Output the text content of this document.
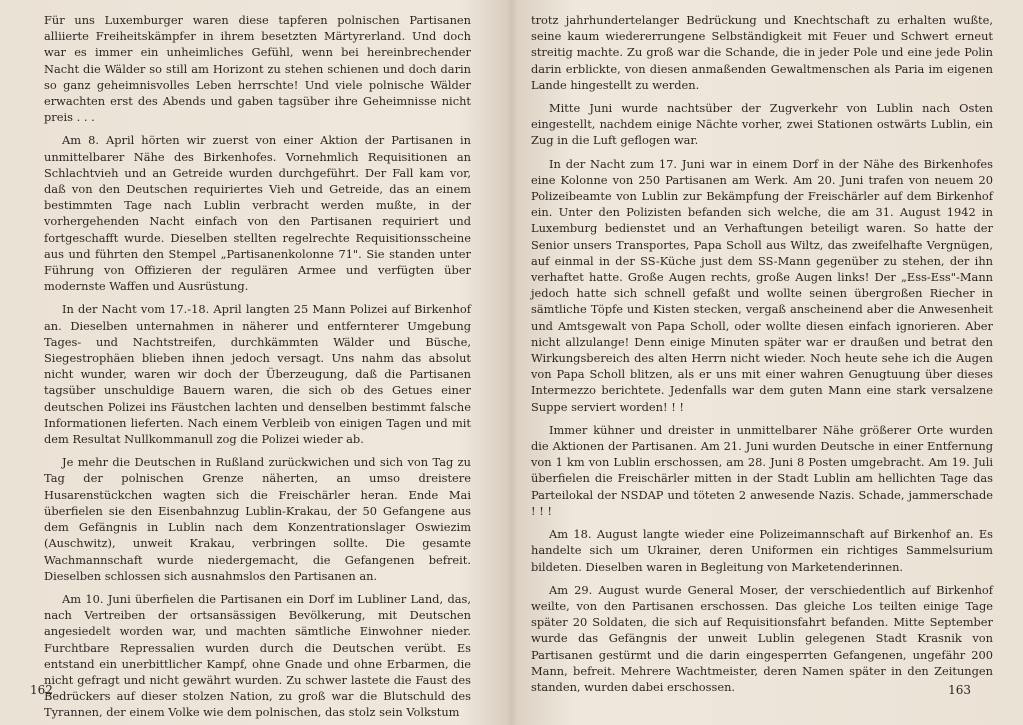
Für uns Luxemburger waren diese tapferen polnischen Partisanen alliierte Freiheitskämpfer in ihrem besetzten Märtyrerland. Und doch war es immer ein unheimliches Gefühl, wenn bei hereinbrechender Nacht die Wälder so still am Horizont zu stehen schienen und doch darin so ganz geheimnisvolles Leben herrschte! Und viele polnische Wälder erwachten erst des Abends und gaben tagsüber ihre Geheimnisse nicht preis . . .

Am 8. April hörten wir zuerst von einer Aktion der Partisanen in unmittelbarer Nähe des Birkenhofes. Vornehmlich Requisitionen an Schlachtvieh und an Getreide wurden durchgeführt. Der Fall kam vor, daß von den Deutschen requiriertes Vieh und Getreide, das an einem bestimmten Tage nach Lublin verbracht werden mußte, in der vorhergehenden Nacht einfach von den Partisanen requiriert und fortgeschafft wurde. Dieselben stellten regelrechte Requisitionsscheine aus und führten den Stempel „Partisanenkolonne 71". Sie standen unter Führung von Offizieren der regulären Armee und verfügten über modernste Waffen und Ausrüstung.

In der Nacht vom 17.-18. April langten 25 Mann Polizei auf Birkenhof an. Dieselben unternahmen in näherer und entfernterer Umgebung Tages- und Nachtstreifen, durchkämmten Wälder und Büsche, Siegestrophäen blieben ihnen jedoch versagt. Uns nahm das absolut nicht wunder, waren wir doch der Überzeugung, daß die Partisanen tagsüber unschuldige Bauern waren, die sich ob des Getues einer deutschen Polizei ins Fäustchen lachten und denselben bestimmt falsche Informationen lieferten. Nach einem Verbleib von einigen Tagen und mit dem Resultat Nullkommanull zog die Polizei wieder ab.

Je mehr die Deutschen in Rußland zurückwichen und sich von Tag zu Tag der polnischen Grenze näherten, an umso dreistere Husarenstückchen wagten sich die Freischärler heran. Ende Mai überfielen sie den Eisenbahnzug Lublin-Krakau, der 50 Gefangene aus dem Gefängnis in Lublin nach dem Konzentrationslager Oswiezim (Auschwitz), unweit Krakau, verbringen sollte. Die gesamte Wachmannschaft wurde niedergemacht, die Gefangenen befreit. Dieselben schlossen sich ausnahmslos den Partisanen an.

Am 10. Juni überfielen die Partisanen ein Dorf im Lubliner Land, das, nach Vertreiben der ortsansässigen Bevölkerung, mit Deutschen angesiedelt worden war, und machten sämtliche Einwohner nieder. Furchtbare Repressalien wurden durch die Deutschen verübt. Es entstand ein unerbittlicher Kampf, ohne Gnade und ohne Erbarmen, die nicht gefragt und nicht gewährt wurden. Zu schwer lastete die Faust des Bedrückers auf dieser stolzen Nation, zu groß war die Blutschuld des Tyrannen, der einem Volke wie dem polnischen, das stolz sein Volkstum

162

trotz jahrhundertelanger Bedrückung und Knechtschaft zu erhalten wußte, seine kaum wiedererrungene Selbständigkeit mit Feuer und Schwert erneut streitig machte. Zu groß war die Schande, die in jeder Pole und eine jede Polin darin erblickte, von diesen anmaßenden Gewaltmenschen als Paria im eigenen Lande hingestellt zu werden.

Mitte Juni wurde nachtsüber der Zugverkehr von Lublin nach Osten eingestellt, nachdem einige Nächte vorher, zwei Stationen ostwärts Lublin, ein Zug in die Luft geflogen war.

In der Nacht zum 17. Juni war in einem Dorf in der Nähe des Birkenhofes eine Kolonne von 250 Partisanen am Werk. Am 20. Juni trafen von neuem 20 Polizeibeamte von Lublin zur Bekämpfung der Freischärler auf dem Birkenhof ein. Unter den Polizisten befanden sich welche, die am 31. August 1942 in Luxemburg bedienstet und an Verhaftungen beteiligt waren. So hatte der Senior unsers Transportes, Papa Scholl aus Wiltz, das zweifelhafte Vergnügen, auf einmal in der SS-Küche just dem SS-Mann gegenüber zu stehen, der ihn verhaftet hatte. Große Augen rechts, große Augen links! Der „Ess-Ess"-Mann jedoch hatte sich schnell gefaßt und wollte seinen übergroßen Riecher in sämtliche Töpfe und Kisten stecken, vergaß anscheinend aber die Anwesenheit und Amtsgewalt von Papa Scholl, oder wollte diesen einfach ignorieren. Aber nicht allzulange! Denn einige Minuten später war er draußen und betrat den Wirkungsbereich des alten Herrn nicht wieder. Noch heute sehe ich die Augen von Papa Scholl blitzen, als er uns mit einer wahren Genugtuung über dieses Intermezzo berichtete. Jedenfalls war dem guten Mann eine stark versalzene Suppe serviert worden! ! !

Immer kühner und dreister in unmittelbarer Nähe größerer Orte wurden die Aktionen der Partisanen. Am 21. Juni wurden Deutsche in einer Entfernung von 1 km von Lublin erschossen, am 28. Juni 8 Posten umgebracht. Am 19. Juli überfielen die Freischärler mitten in der Stadt Lublin am hellichten Tage das Parteilokal der NSDAP und töteten 2 anwesende Nazis. Schade, jammerschade ! ! !

Am 18. August langte wieder eine Polizeimannschaft auf Birkenhof an. Es handelte sich um Ukrainer, deren Uniformen ein richtiges Sammelsurium bildeten. Dieselben waren in Begleitung von Marketenderinnen.

Am 29. August wurde General Moser, der verschiedentlich auf Birkenhof weilte, von den Partisanen erschossen. Das gleiche Los teilten einige Tage später 20 Soldaten, die sich auf Requisitionsfahrt befanden. Mitte September wurde das Gefängnis der unweit Lublin gelegenen Stadt Krasnik von Partisanen gestürmt und die darin eingesperrten Gefangenen, ungefähr 200 Mann, befreit. Mehrere Wachtmeister, deren Namen später in den Zeitungen standen, wurden dabei erschossen.	163
